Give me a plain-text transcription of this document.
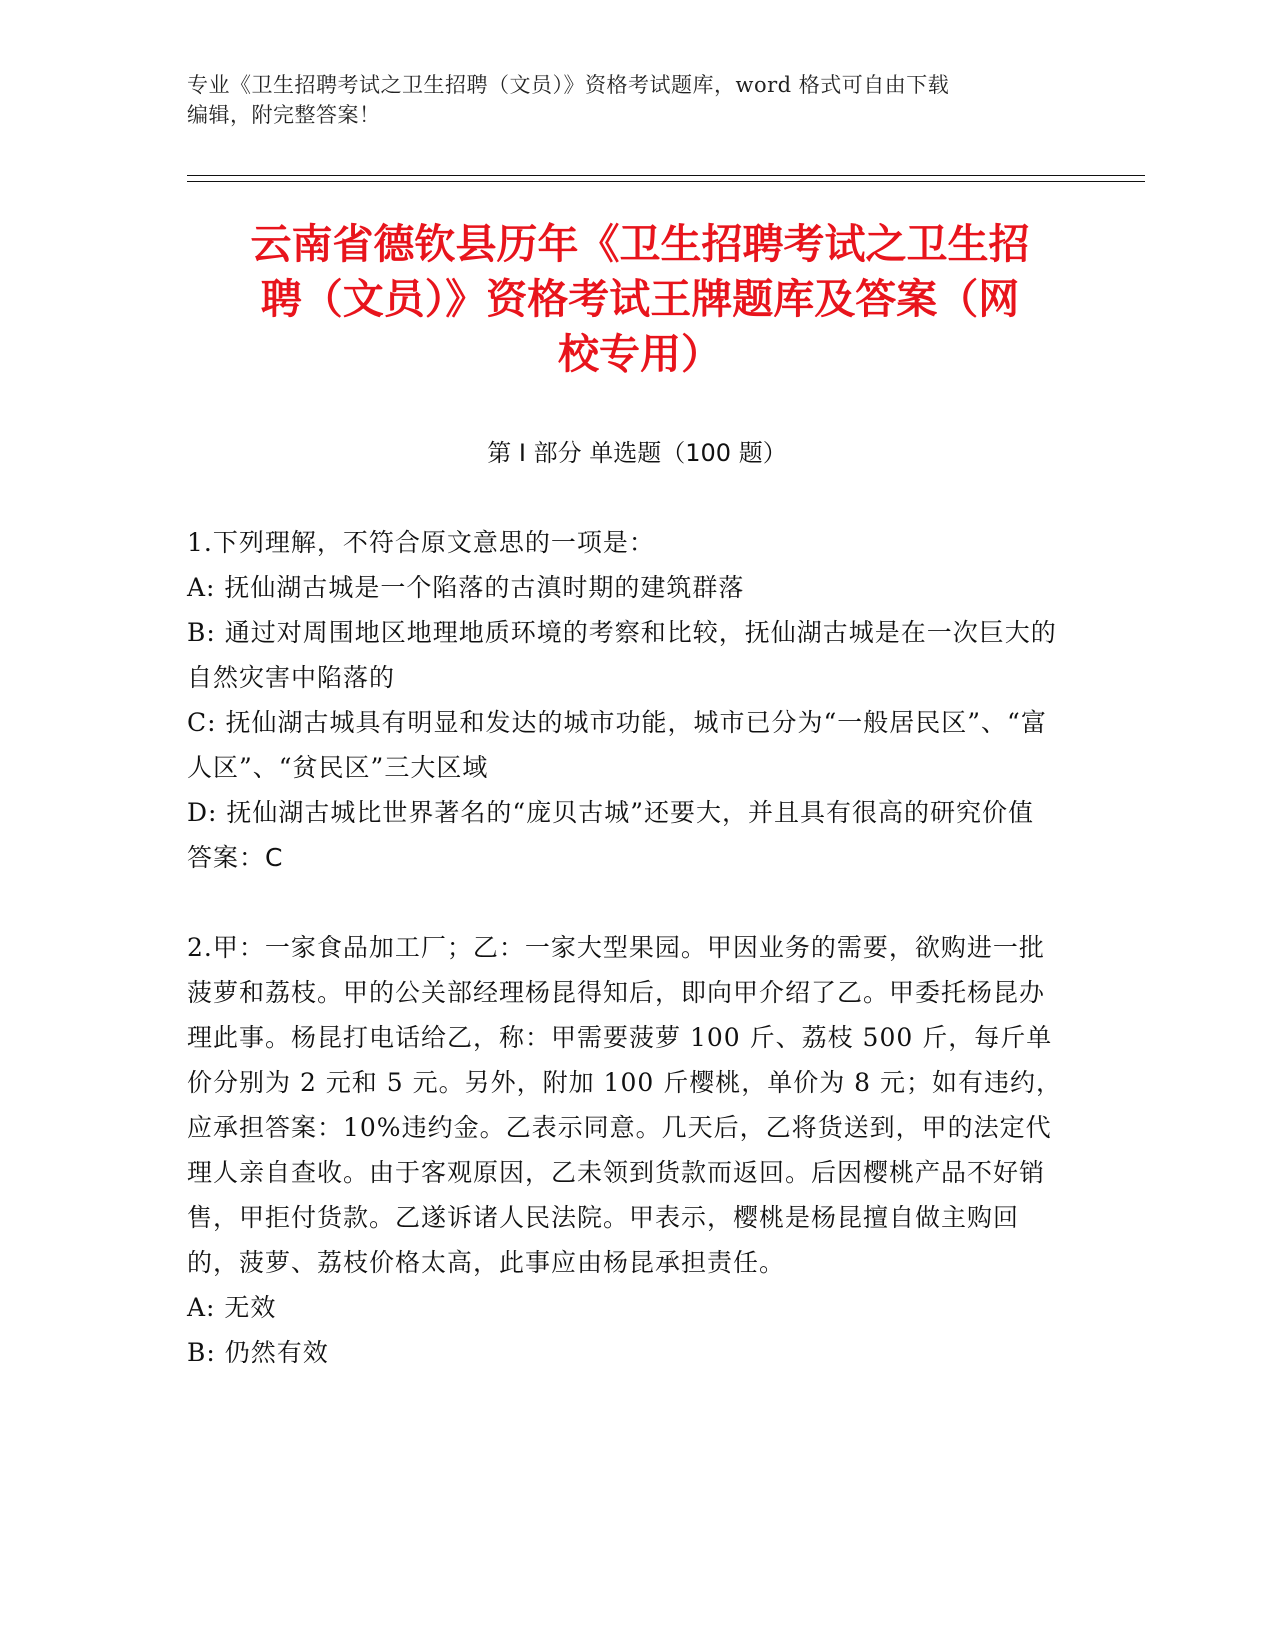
专业《卫生招聘考试之卫生招聘（文员）》资格考试题库，word 格式可自由下载
编辑，附完整答案！
云南省德钦县历年《卫生招聘考试之卫生招
聘（文员）》资格考试王牌题库及答案（网
校专用）
第 I 部分 单选题（100 题）

1.下列理解，不符合原文意思的一项是：

A: 抚仙湖古城是一个陷落的古滇时期的建筑群落

B: 通过对周围地区地理地质环境的考察和比较，抚仙湖古城是在一次巨大的自然灾害中陷落的

C: 抚仙湖古城具有明显和发达的城市功能，城市已分为“一般居民区”、“富人区”、“贫民区”三大区域

D: 抚仙湖古城比世界著名的“庞贝古城”还要大，并且具有很高的研究价值

答案：C

2.甲：一家食品加工厂；乙：一家大型果园。甲因业务的需要，欲购进一批菠萝和荔枝。甲的公关部经理杨昆得知后，即向甲介绍了乙。甲委托杨昆办理此事。杨昆打电话给乙，称：甲需要菠萝 100 斤、荔枝 500 斤，每斤单价分别为 2 元和 5 元。另外，附加 100 斤樱桃，单价为 8 元；如有违约，应承担答案：10%违约金。乙表示同意。几天后，乙将货送到，甲的法定代理人亲自查收。由于客观原因，乙未领到货款而返回。后因樱桃产品不好销售，甲拒付货款。乙遂诉诸人民法院。甲表示，樱桃是杨昆擅自做主购回的，菠萝、荔枝价格太高，此事应由杨昆承担责任。

A: 无效

B: 仍然有效
